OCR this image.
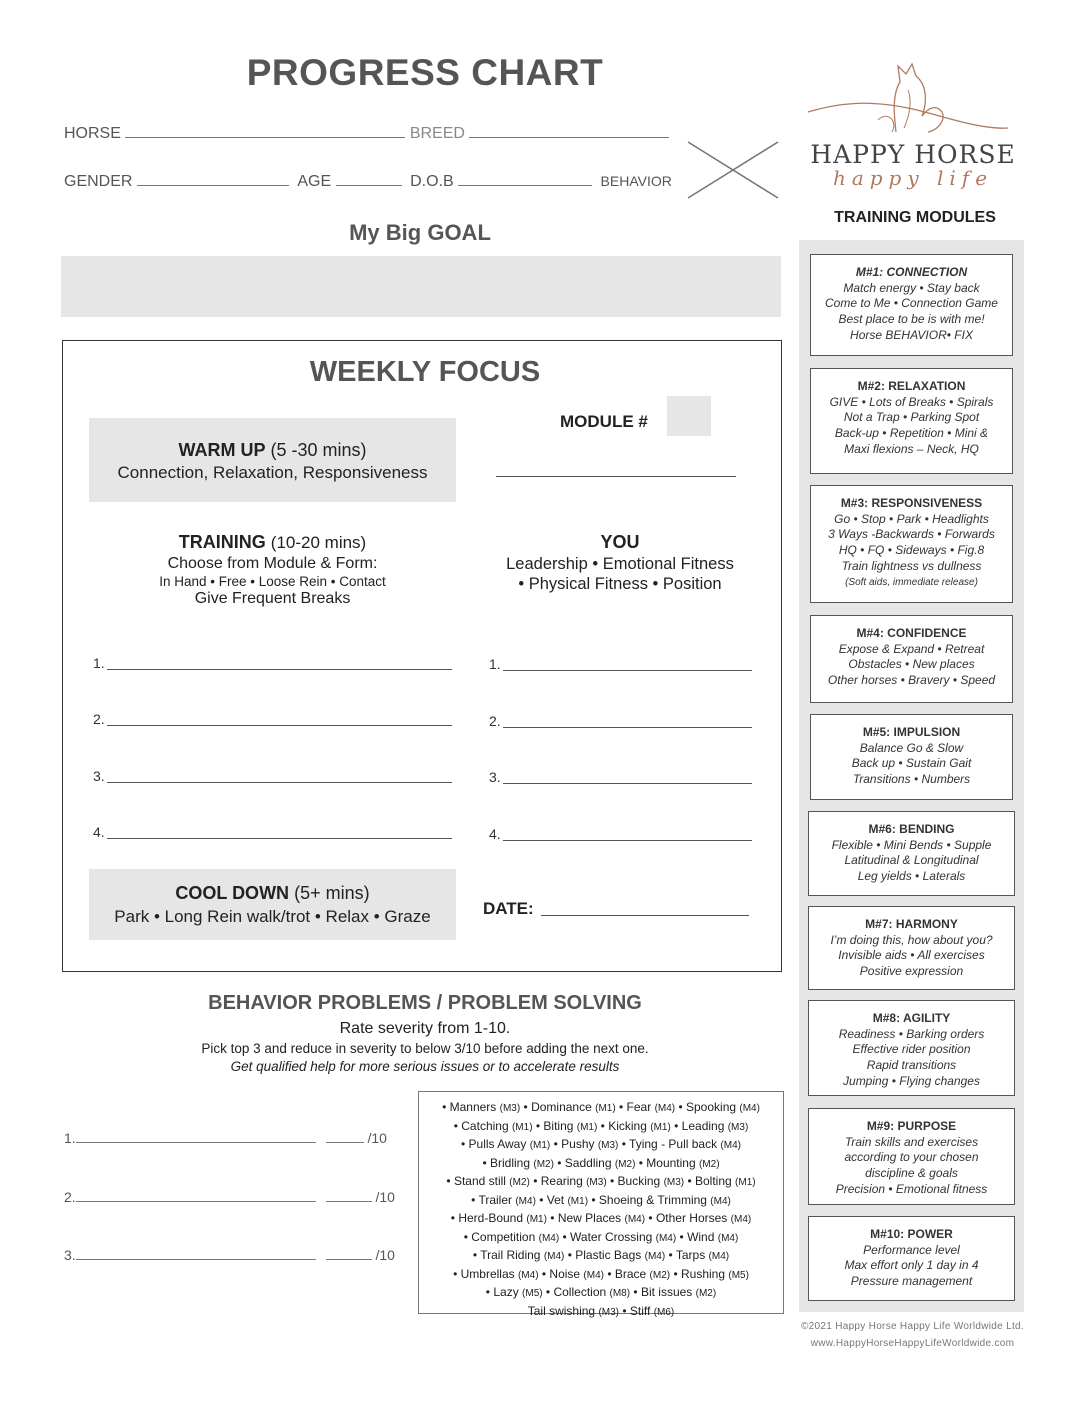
PROGRESS CHART
HORSE	BREED
GENDER	AGE	D.O.B	BEHAVIOR
HAPPY HORSE
happy life
My Big GOAL
WEEKLY FOCUS
WARM UP (5 -30 mins)
Connection, Relaxation, Responsiveness
MODULE #
TRAINING (10-20 mins)
Choose from Module & Form:
In Hand • Free • Loose Rein • Contact
Give Frequent Breaks
YOU
Leadership • Emotional Fitness
• Physical Fitness • Position
1.
2.
3.
4.
1.
2.
3.
4.
COOL DOWN (5+ mins)
Park • Long Rein walk/trot • Relax • Graze	DATE:
BEHAVIOR PROBLEMS / PROBLEM SOLVING
Rate severity from 1-10.
Pick top 3 and reduce in severity to below 3/10 before adding the next one.
Get qualified help for more serious issues or to accelerate results
1.	/10
2.	/10
3.	/10
• Manners (M3) • Dominance (M1) • Fear (M4) • Spooking (M4)
• Catching (M1) • Biting (M1) • Kicking (M1) • Leading (M3)
• Pulls Away (M1) • Pushy (M3) • Tying - Pull back (M4)
• Bridling (M2) • Saddling (M2) • Mounting (M2)
• Stand still (M2) • Rearing (M3) • Bucking (M3) • Bolting (M1)
• Trailer (M4) • Vet (M1) • Shoeing & Trimming (M4)
• Herd-Bound (M1) • New Places (M4) • Other Horses (M4)
• Competition (M4) • Water Crossing (M4) • Wind (M4)
• Trail Riding (M4) • Plastic Bags (M4) • Tarps (M4)
• Umbrellas (M4) • Noise (M4) • Brace (M2) • Rushing (M5)
• Lazy (M5) • Collection (M8) • Bit issues (M2)
Tail swishing (M3) • Stiff (M6)
TRAINING MODULES
M#1: CONNECTION
Match energy • Stay back
Come to Me • Connection Game
Best place to be is with me!
Horse BEHAVIOR• FIX
M#2: RELAXATION
GIVE • Lots of Breaks • Spirals
Not a Trap • Parking Spot
Back-up • Repetition • Mini &
Maxi flexions – Neck, HQ
M#3: RESPONSIVENESS
Go • Stop • Park • Headlights
3 Ways -Backwards • Forwards
HQ • FQ • Sideways • Fig.8
Train lightness vs dullness
(Soft aids, immediate release)
M#4: CONFIDENCE
Expose & Expand • Retreat
Obstacles • New places
Other horses • Bravery • Speed
M#5: IMPULSION
Balance Go & Slow
Back up • Sustain Gait
Transitions • Numbers
M#6: BENDING
Flexible • Mini Bends • Supple
Latitudinal & Longitudinal
Leg yields • Laterals
M#7: HARMONY
I’m doing this, how about you?
Invisible aids • All exercises
Positive expression
M#8: AGILITY
Readiness • Barking orders
Effective rider position
Rapid transitions
Jumping • Flying changes
M#9: PURPOSE
Train skills and exercises
according to your chosen
discipline & goals
Precision • Emotional fitness
M#10: POWER
Performance level
Max effort only 1 day in 4
Pressure management
©2021 Happy Horse Happy Life Worldwide Ltd.
www.HappyHorseHappyLifeWorldwide.com
